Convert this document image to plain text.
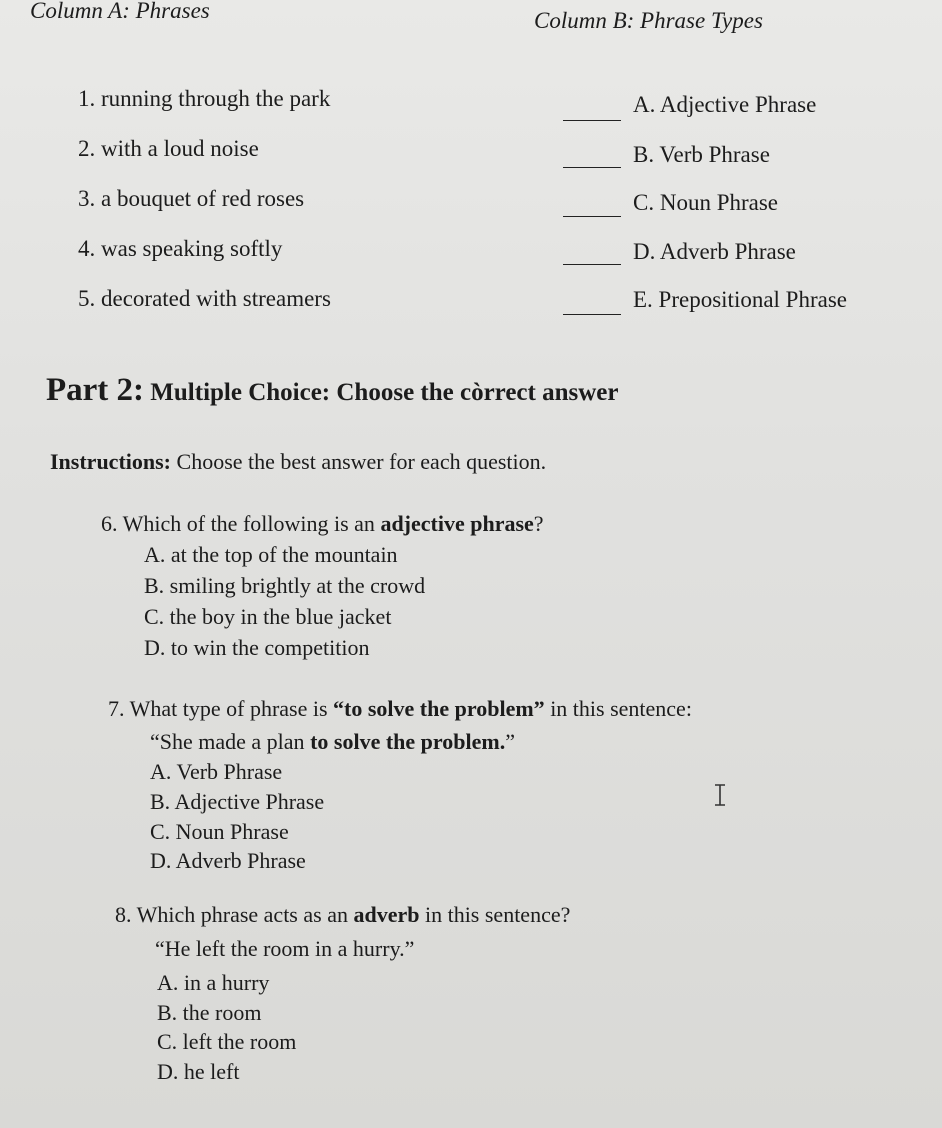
Column A: Phrases	Column B: Phrase Types
1. running through the park
2. with a loud noise
3. a bouquet of red roses
4. was speaking softly
5. decorated with streamers
A. Adjective Phrase
B. Verb Phrase
C. Noun Phrase
D. Adverb Phrase
E. Prepositional Phrase
Part 2: Multiple Choice: Choose the còrrect answer
Instructions: Choose the best answer for each question.
6. Which of the following is an adjective phrase?
A. at the top of the mountain
B. smiling brightly at the crowd
C. the boy in the blue jacket
D. to win the competition
7. What type of phrase is “to solve the problem” in this sentence:
“She made a plan to solve the problem.”
A. Verb Phrase
B. Adjective Phrase
C. Noun Phrase
D. Adverb Phrase
8. Which phrase acts as an adverb in this sentence?
“He left the room in a hurry.”
A. in a hurry
B. the room
C. left the room
D. he left
